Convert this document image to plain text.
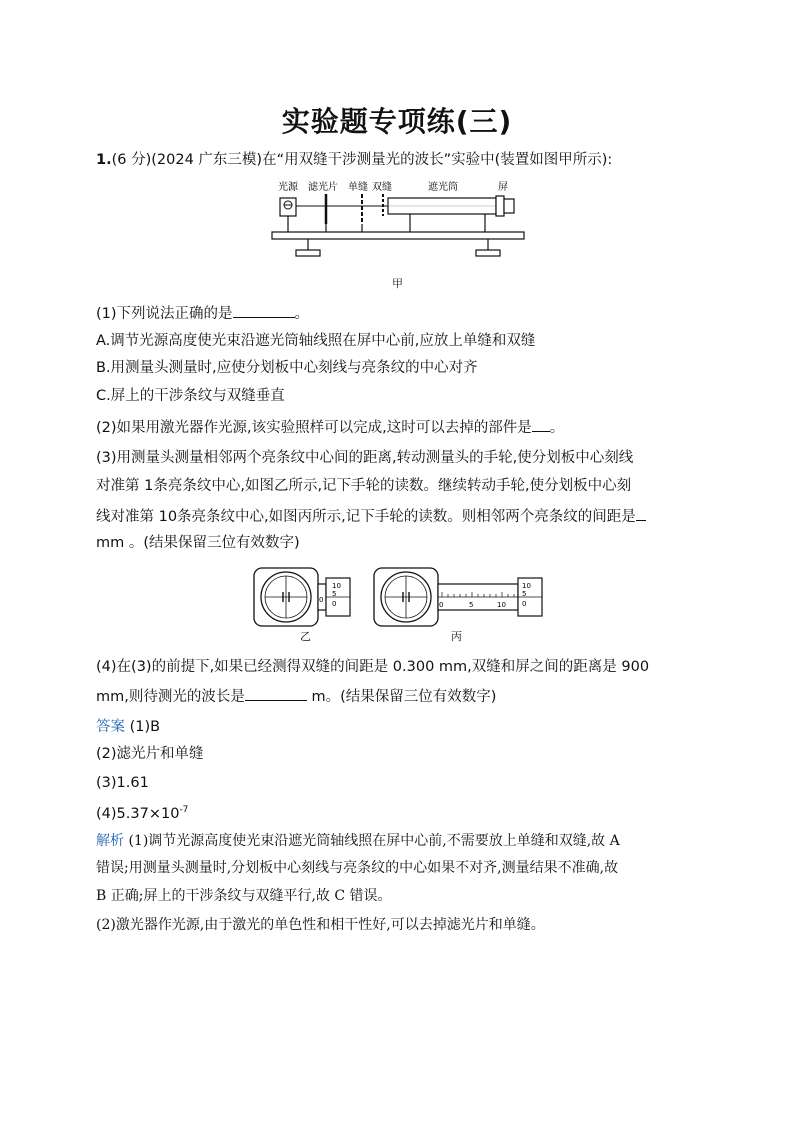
实验题专项练(三)
1.(6 分)(2024 广东三模)在“用双缝干涉测量光的波长”实验中(装置如图甲所示):
光源 滤光片 单缝 双缝	遮光筒	屏
甲
(1)下列说法正确的是	。
A.调节光源高度使光束沿遮光筒轴线照在屏中心前,应放上单缝和双缝
B.用测量头测量时,应使分划板中心刻线与亮条纹的中心对齐
C.屏上的干涉条纹与双缝垂直
(2)如果用激光器作光源,该实验照样可以完成,这时可以去掉的部件是 。
(3)用测量头测量相邻两个亮条纹中心间的距离,转动测量头的手轮,使分划板中心刻线
对准第 1条亮条纹中心,如图乙所示,记下手轮的读数。继续转动手轮,使分划板中心刻
线对准第 10条亮条纹中心,如图丙所示,记下手轮的读数。则相邻两个亮条纹的间距是
mm 。(结果保留三位有效数字)
10
5
0
0
乙
0	5	10
10
5
0
丙
(4)在(3)的前提下,如果已经测得双缝的间距是 0.300 mm,双缝和屏之间的距离是 900
mm,则待测光的波长是	m。(结果保留三位有效数字)
答案 (1)B
(2)滤光片和单缝
(3)1.61
$(4)5.37\times 10^{-7}$
解析 (1)调节光源高度使光束沿遮光筒轴线照在屏中心前,不需要放上单缝和双缝,故 A
错误;用测量头测量时,分划板中心刻线与亮条纹的中心如果不对齐,测量结果不准确,故
B 正确;屏上的干涉条纹与双缝平行,故 C 错误。
(2)激光器作光源,由于激光的单色性和相干性好,可以去掉滤光片和单缝。
